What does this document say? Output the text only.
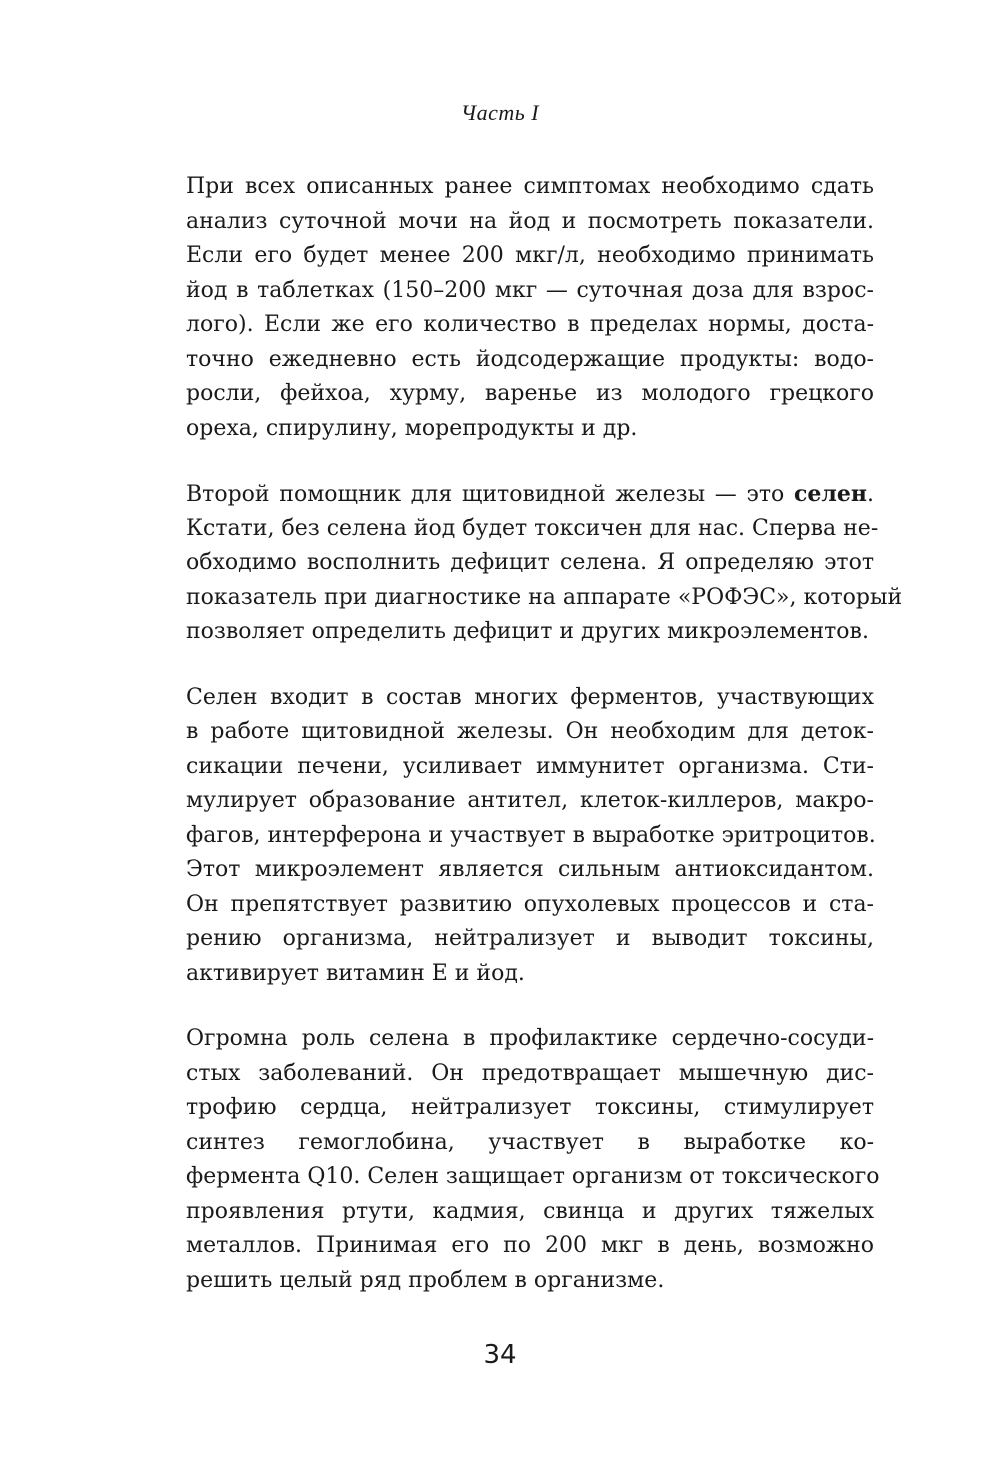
Часть I
При всех описанных ранее симптомах необходимо сдать
анализ суточной мочи на йод и посмотреть показатели.
Если его будет менее 200 мкг/л, необходимо принимать
йод в таблетках (150–200 мкг — суточная доза для взрос-
лого). Если же его количество в пределах нормы, доста-
точно ежедневно есть йодсодержащие продукты: водо-
росли, фейхоа, хурму, варенье из молодого грецкого
ореха, спирулину, морепродукты и др.
Второй помощник для щитовидной железы — это селен.
Кстати, без селена йод будет токсичен для нас. Сперва не-
обходимо восполнить дефицит селена. Я определяю этот
показатель при диагностике на аппарате «РОФЭС», который
позволяет определить дефицит и других микроэлементов.
Селен входит в состав многих ферментов, участвующих
в работе щитовидной железы. Он необходим для деток-
сикации печени, усиливает иммунитет организма. Сти-
мулирует образование антител, клеток-киллеров, макро-
фагов, интерферона и участвует в выработке эритроцитов.
Этот микроэлемент является сильным антиоксидантом.
Он препятствует развитию опухолевых процессов и ста-
рению организма, нейтрализует и выводит токсины,
активирует витамин Е и йод.
Огромна роль селена в профилактике сердечно-сосуди-
стых заболеваний. Он предотвращает мышечную дис-
трофию сердца, нейтрализует токсины, стимулирует
синтез гемоглобина, участвует в выработке ко-
фермента Q10. Селен защищает организм от токсического
проявления ртути, кадмия, свинца и других тяжелых
металлов. Принимая его по 200 мкг в день, возможно
решить целый ряд проблем в организме.
34
